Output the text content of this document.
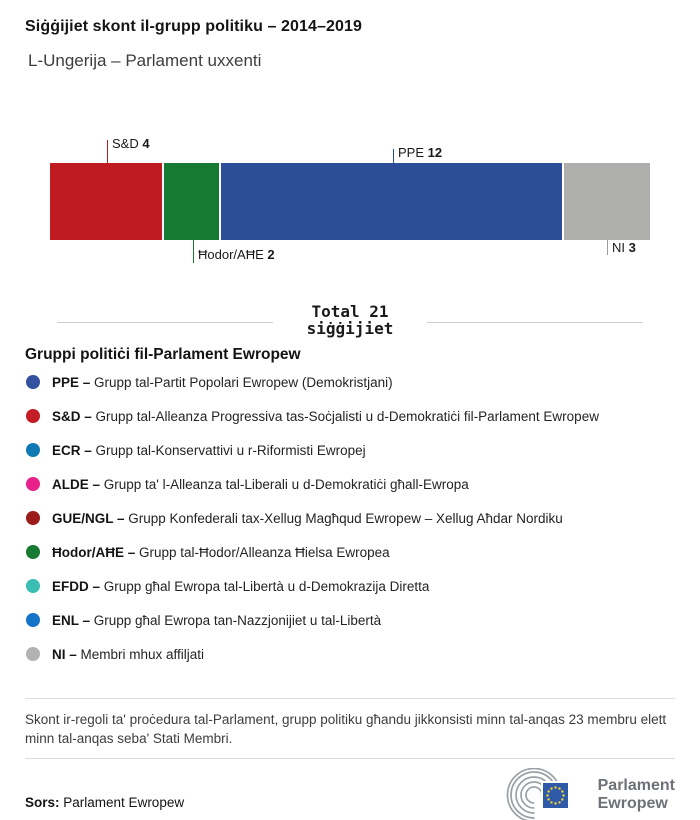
Siġġijiet skont il-grupp politiku – 2014–2019
L-Ungerija – Parlament uxxenti
S&D 4
Ħodor/AĦE 2
PPE 12
NI 3
Total 21
siġġijiet
Gruppi politiċi fil-Parlament Ewropew
PPE – Grupp tal-Partit Popolari Ewropew (Demokristjani)
S&D – Grupp tal-Alleanza Progressiva tas-Soċjalisti u d-Demokratiċi fil-Parlament Ewropew
ECR – Grupp tal-Konservattivi u r-Riformisti Ewropej
ALDE – Grupp ta' l-Alleanza tal-Liberali u d-Demokratiċi għall-Ewropa
GUE/NGL – Grupp Konfederali tax-Xellug Magħqud Ewropew – Xellug Aħdar Nordiku
Ħodor/AĦE – Grupp tal-Ħodor/Alleanza Ħielsa Ewropea
EFDD – Grupp għal Ewropa tal-Libertà u d-Demokrazija Diretta
ENL – Grupp għal Ewropa tan-Nazzjonijiet u tal-Libertà
NI – Membri mhux affiljati
Skont ir-regoli ta' proċedura tal-Parlament, grupp politiku għandu jikkonsisti minn tal-anqas 23 membru elett minn tal-anqas seba' Stati Membri.
Sors: Parlament Ewropew
Parlament
Ewropew
